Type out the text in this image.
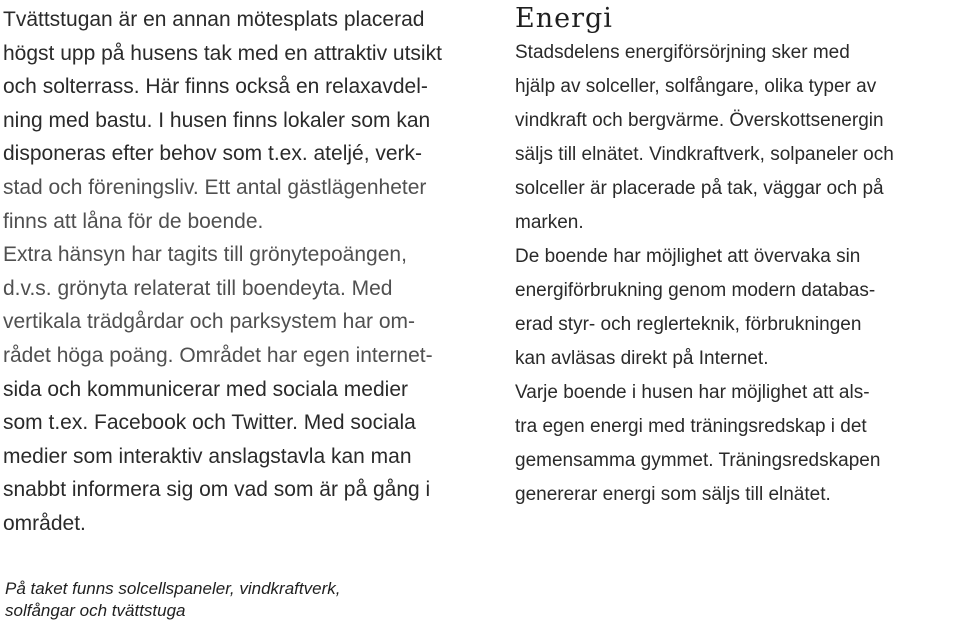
Tvättstugan är en annan mötesplats placerad
högst upp på husens tak med en attraktiv utsikt
och solterrass. Här finns också en relaxavdel-
ning med bastu. I husen finns lokaler som kan
disponeras efter behov som t.ex. ateljé, verk-
stad och föreningsliv. Ett antal gästlägenheter
finns att låna för de boende.
Extra hänsyn har tagits till grönytepoängen,
d.v.s. grönyta relaterat till boendeyta. Med
vertikala trädgårdar och parksystem har om-
rådet höga poäng. Området har egen internet-
sida och kommunicerar med sociala medier
som t.ex. Facebook och Twitter. Med sociala
medier som interaktiv anslagstavla kan man
snabbt informera sig om vad som är på gång i
området.
Energi
Stadsdelens energiförsörjning sker med
hjälp av solceller, solfångare, olika typer av
vindkraft och bergvärme. Överskottsenergin
säljs till elnätet. Vindkraftverk, solpaneler och
solceller är placerade på tak, väggar och på
marken.
De boende har möjlighet att övervaka sin
energiförbrukning genom modern databas-
erad styr- och reglerteknik, förbrukningen
kan avläsas direkt på Internet.
Varje boende i husen har möjlighet att als-
tra egen energi med träningsredskap i det
gemensamma gymmet. Träningsredskapen
genererar energi som säljs till elnätet.
På taket funns solcellspaneler, vindkraftverk,
solfångar och tvättstuga
